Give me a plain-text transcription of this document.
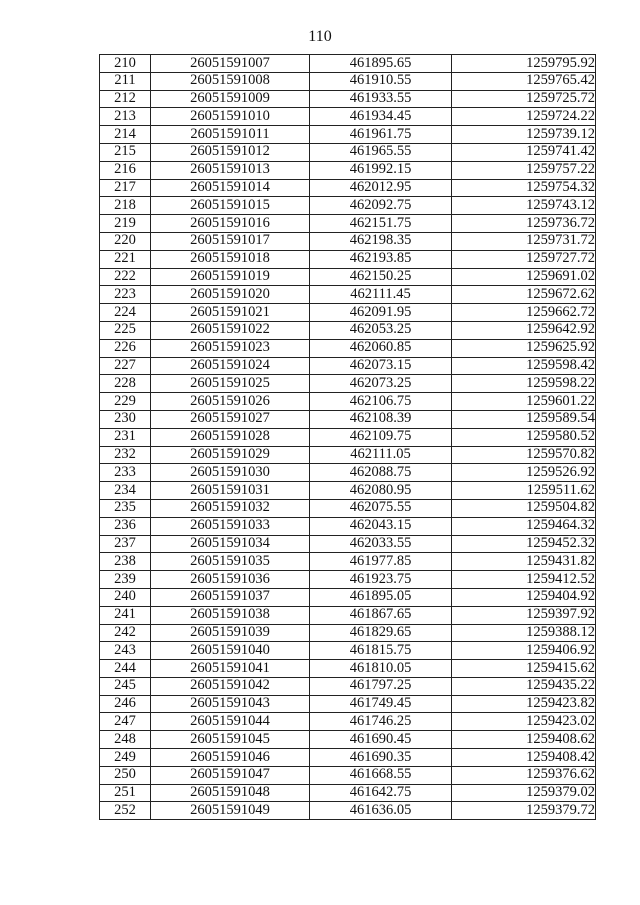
110
210	26051591007	461895.65	1259795.92
211	26051591008	461910.55	1259765.42
212	26051591009	461933.55	1259725.72
213	26051591010	461934.45	1259724.22
214	26051591011	461961.75	1259739.12
215	26051591012	461965.55	1259741.42
216	26051591013	461992.15	1259757.22
217	26051591014	462012.95	1259754.32
218	26051591015	462092.75	1259743.12
219	26051591016	462151.75	1259736.72
220	26051591017	462198.35	1259731.72
221	26051591018	462193.85	1259727.72
222	26051591019	462150.25	1259691.02
223	26051591020	462111.45	1259672.62
224	26051591021	462091.95	1259662.72
225	26051591022	462053.25	1259642.92
226	26051591023	462060.85	1259625.92
227	26051591024	462073.15	1259598.42
228	26051591025	462073.25	1259598.22
229	26051591026	462106.75	1259601.22
230	26051591027	462108.39	1259589.54
231	26051591028	462109.75	1259580.52
232	26051591029	462111.05	1259570.82
233	26051591030	462088.75	1259526.92
234	26051591031	462080.95	1259511.62
235	26051591032	462075.55	1259504.82
236	26051591033	462043.15	1259464.32
237	26051591034	462033.55	1259452.32
238	26051591035	461977.85	1259431.82
239	26051591036	461923.75	1259412.52
240	26051591037	461895.05	1259404.92
241	26051591038	461867.65	1259397.92
242	26051591039	461829.65	1259388.12
243	26051591040	461815.75	1259406.92
244	26051591041	461810.05	1259415.62
245	26051591042	461797.25	1259435.22
246	26051591043	461749.45	1259423.82
247	26051591044	461746.25	1259423.02
248	26051591045	461690.45	1259408.62
249	26051591046	461690.35	1259408.42
250	26051591047	461668.55	1259376.62
251	26051591048	461642.75	1259379.02
252	26051591049	461636.05	1259379.72
